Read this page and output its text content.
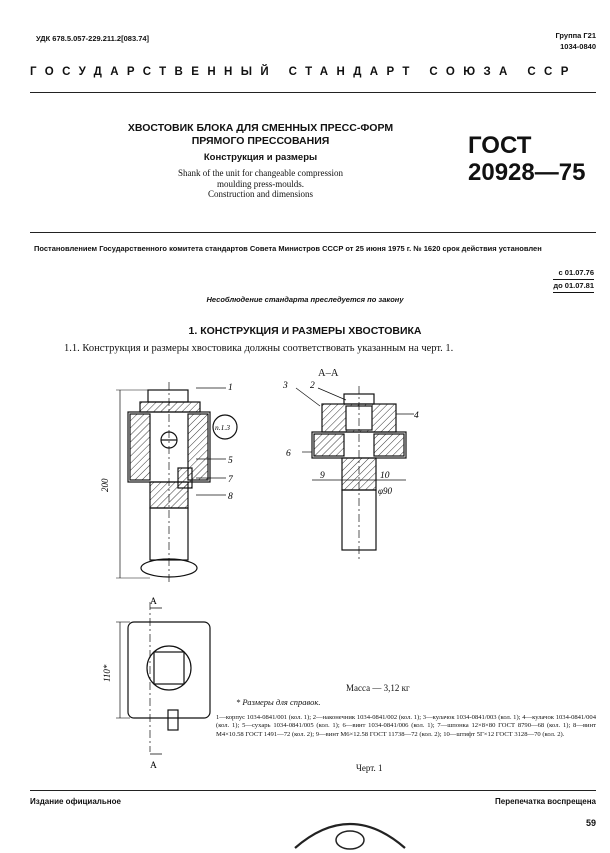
УДК 678.5.057-229.211.2[083.74]	Группа Г21
1034-0840
ГОСУДАРСТВЕННЫЙ СТАНДАРТ СОЮЗА ССР
ХВОСТОВИК БЛОКА ДЛЯ СМЕННЫХ ПРЕСС-ФОРМ
ПРЯМОГО ПРЕССОВАНИЯ
Конструкция и размеры
Shank of the unit for changeable compression
moulding press-moulds.
Construction and dimensions
ГОСТ
20928—75
Постановлением Государственного комитета стандартов Совета Министров СССР от 25 июня 1975 г. № 1620 срок действия установлен
с 01.07.76
до 01.07.81
Несоблюдение стандарта преследуется по закону
1. КОНСТРУКЦИЯ И РАЗМЕРЫ ХВОСТОВИКА
1.1. Конструкция и размеры хвостовика должны соответствовать указанным на черт. 1.
А–А
200
п.1.3
1
5
7
8
3 2
4
6
9	10
φ90
110*
А
А
Масса — 3,12 кг
* Размеры для справок.
1—корпус 1034-0841/001 (кол. 1); 2—наконечник 1034-0841/002 (кол. 1); 3—кулачок 1034-0841/003 (кол. 1); 4—кулачок 1034-0841/004 (кол. 1); 5—сухарь 1034-0841/005 (кол. 1); 6—винт 1034-0841/006 (кол. 1); 7—шпонка 12×8×80 ГОСТ 8790—68 (кол. 1); 8—винт М4×10.58 ГОСТ 1491—72 (кол. 2); 9—винт М6×12.58 ГОСТ 11738—72 (кол. 2); 10—штифт 5Г×12 ГОСТ 3128—70 (кол. 2).
Черт. 1
Издание официальное	Перепечатка воспрещена
59
